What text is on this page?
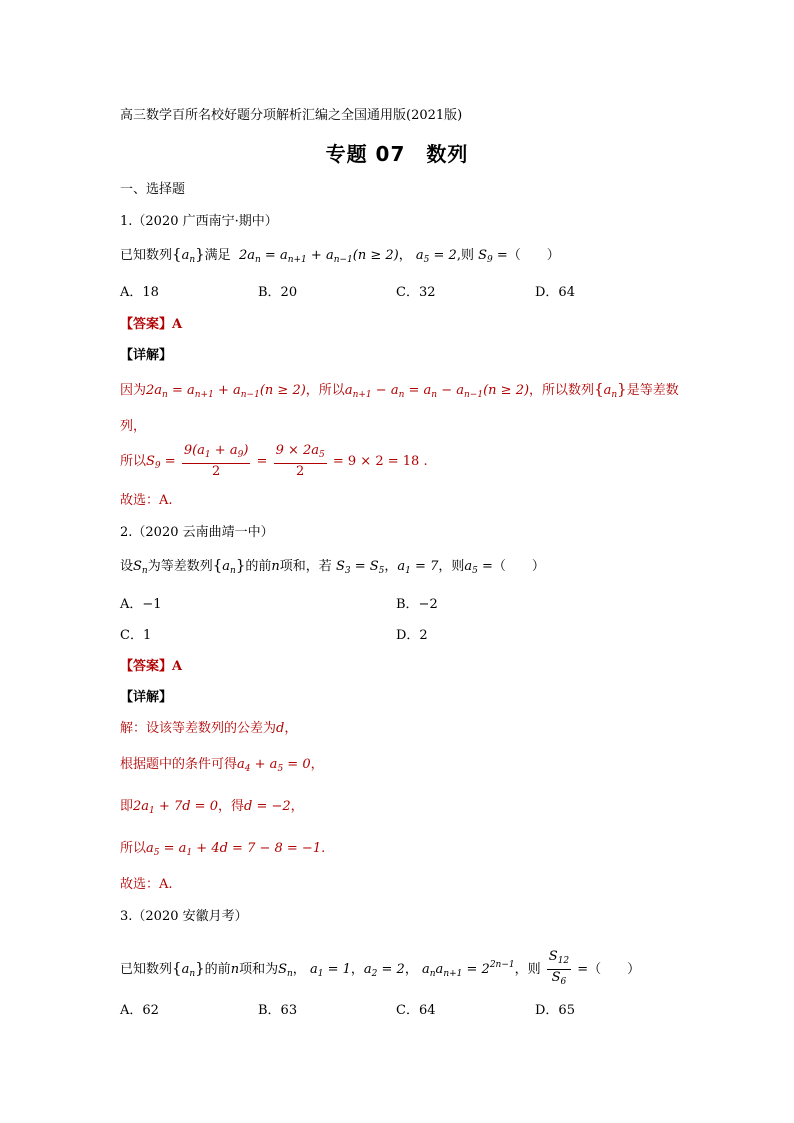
高三数学百所名校好题分项解析汇编之全国通用版(2021版)
专题 07　数列
一、选择题
1.（2020 广西南宁·期中）
已知数列$\{a_n\}$满足 $2a_n = a_{n+1} + a_{n-1}(n \ge 2)$， $a_5 = 2$,则 $S_9$ =（　　）
A．18	B．20	C．32	D．64
【答案】A
【详解】
因为$2a_n = a_{n+1} + a_{n-1}(n \ge 2)$，所以$a_{n+1} - a_n = a_n - a_{n-1}(n \ge 2)$，所以数列$\{a_n\}$是等差数
列，
所以$S_9 = \frac{9(a_1 + a_9)}{2} = \frac{9 \times 2a_5}{2} = 9 \times 2 = 18$ .
故选：A.
2.（2020 云南曲靖一中）
设$S_n$为等差数列$\{a_n\}$的前n项和，若 $S_3 = S_5$，$a_1 = 7$，则$a_5$ =（　　）
A．−1	B．−2
C．1	D．2
【答案】A
【详解】
解：设该等差数列的公差为d，
根据题中的条件可得$a_4 + a_5 = 0$，
即$2a_1 + 7d = 0$，得d = −2，
所以$a_5 = a_1 + 4d = 7 - 8 = -1$.
故选：A.
3.（2020 安徽月考）
已知数列$\{a_n\}$的前n项和为$S_n$， $a_1 = 1$，$a_2 = 2$， $a_na_{n+1} = 2^{2n-1}$，则 $\frac{S_{12}}{S_6}$ =（　　）
A．62	B．63	C．64	D．65
